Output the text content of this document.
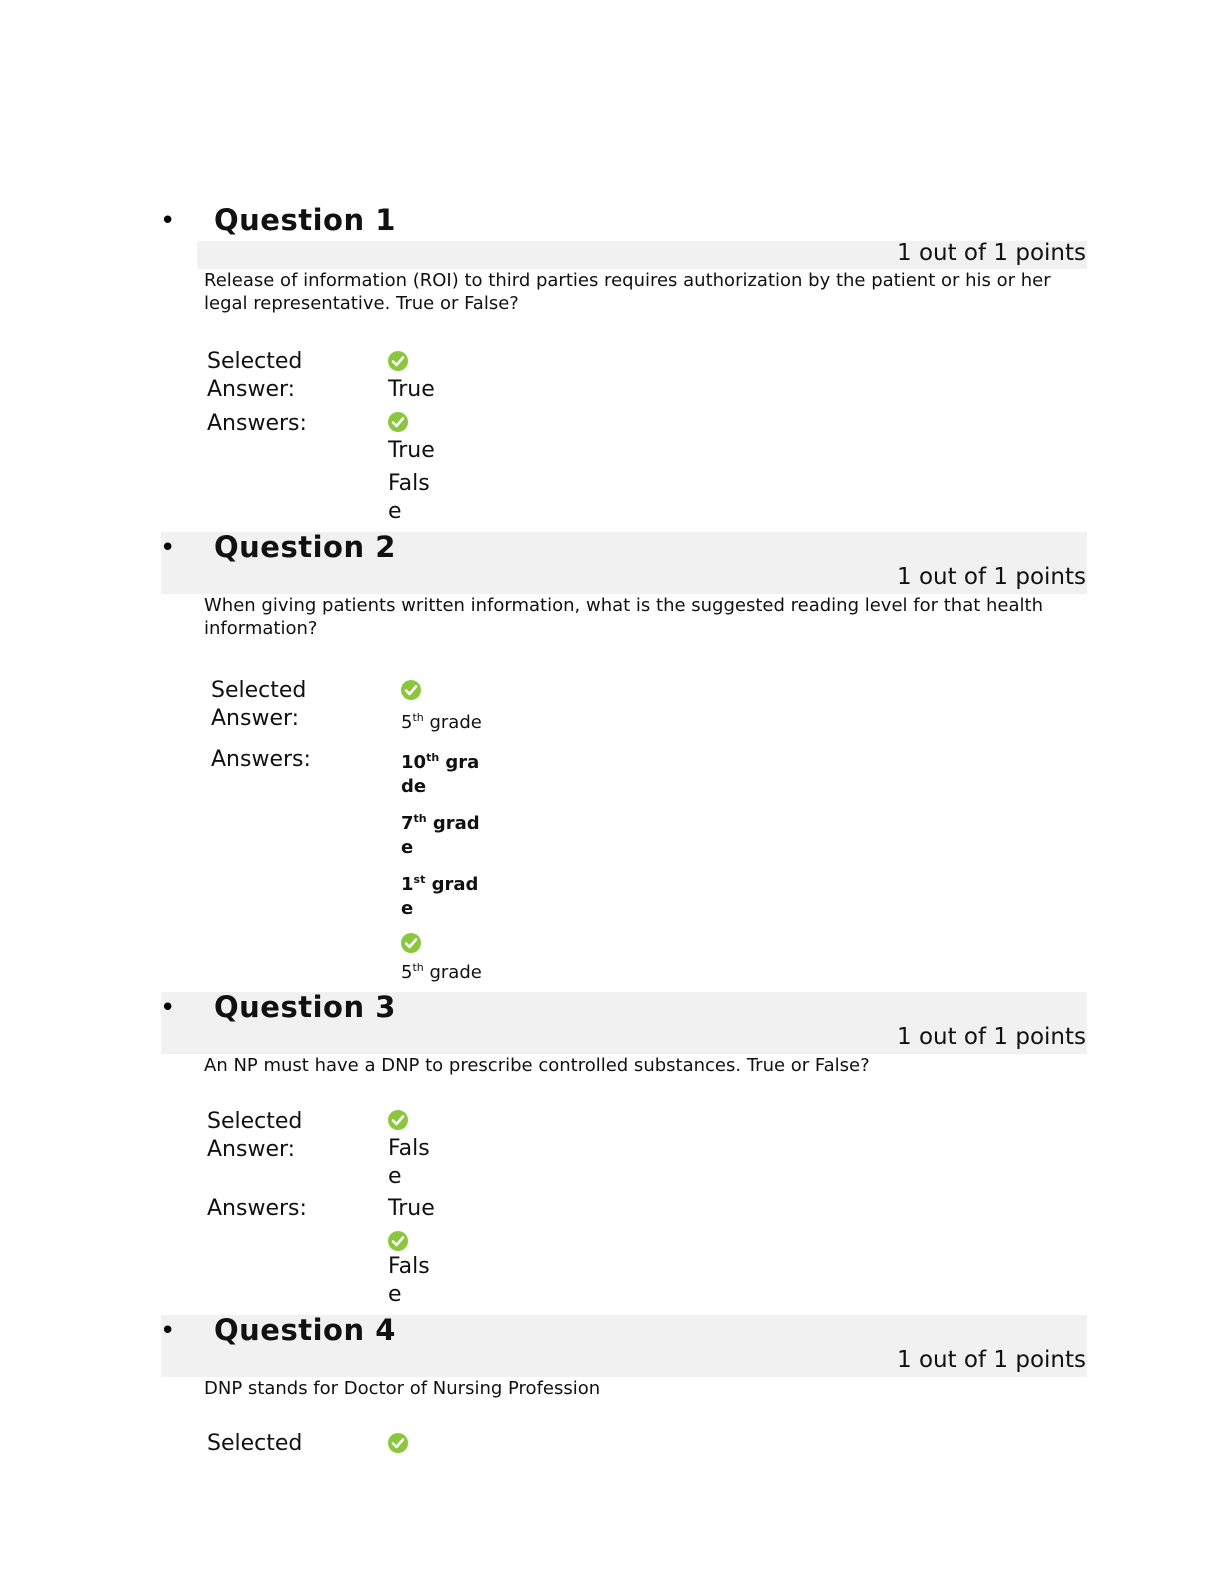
• Question 1
1 out of 1 points
Release of information (ROI) to third parties requires authorization by the patient or his or her legal representative. True or False?
Selected Answer:	True
Answers:
True
False
• Question 2
1 out of 1 points
When giving patients written information, what is the suggested reading level for that health information?
Selected Answer:	5th grade
Answers:	10th grade
7th grade
1st grade
5th grade
• Question 3
1 out of 1 points
An NP must have a DNP to prescribe controlled substances. True or False?
Selected Answer:	False
Answers:	True
False
• Question 4
1 out of 1 points
DNP stands for Doctor of Nursing Profession
Selected
